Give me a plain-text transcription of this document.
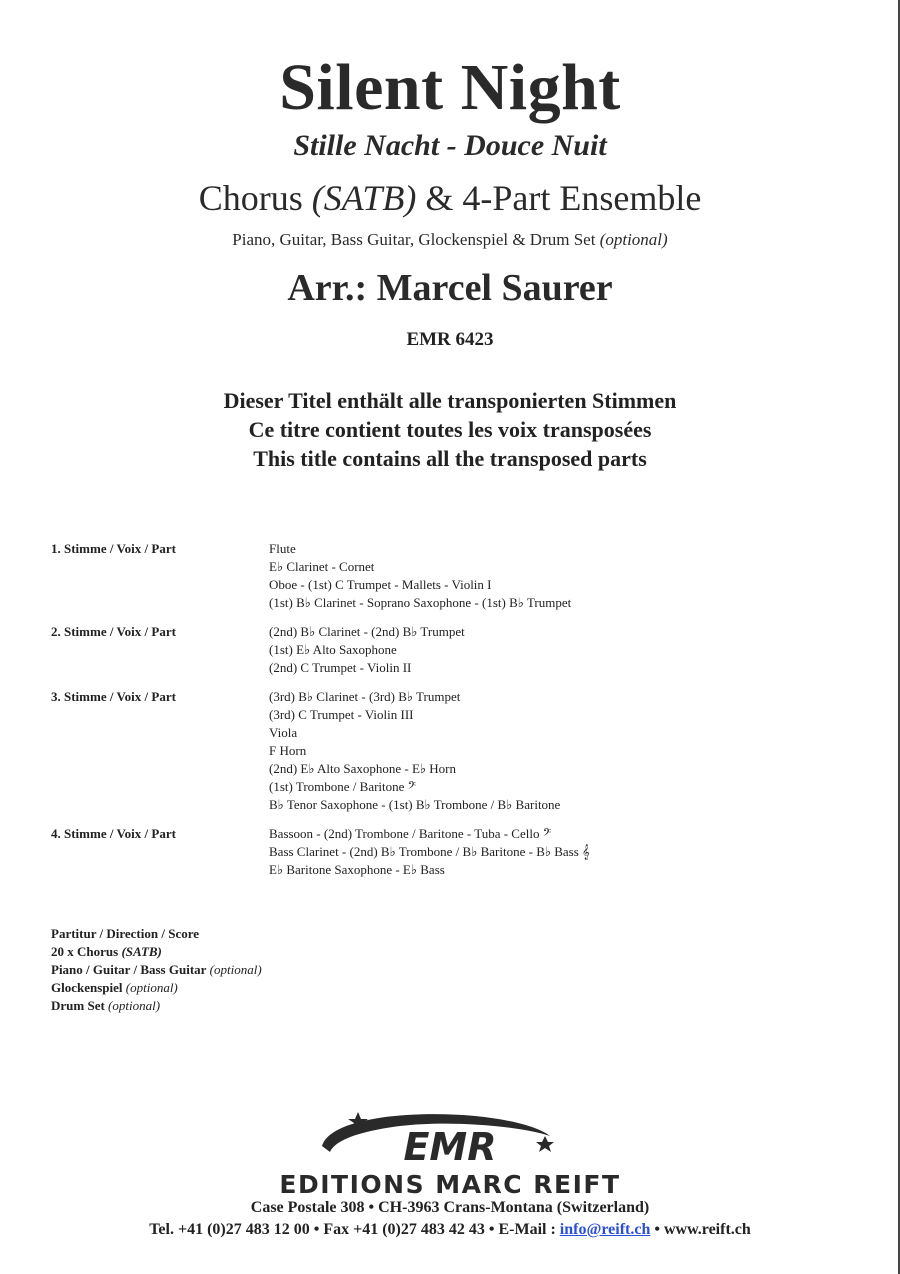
Silent Night
Stille Nacht - Douce Nuit
Chorus (SATB) & 4-Part Ensemble
Piano, Guitar, Bass Guitar, Glockenspiel & Drum Set (optional)
Arr.: Marcel Saurer
EMR 6423
Dieser Titel enthält alle transponierten Stimmen
Ce titre contient toutes les voix transposées
This title contains all the transposed parts
1. Stimme / Voix / Part	Flute
E♭ Clarinet - Cornet
Oboe - (1st) C Trumpet - Mallets - Violin I
(1st) B♭ Clarinet - Soprano Saxophone - (1st) B♭ Trumpet
2. Stimme / Voix / Part	(2nd) B♭ Clarinet - (2nd) B♭ Trumpet
(1st) E♭ Alto Saxophone
(2nd) C Trumpet - Violin II
3. Stimme / Voix / Part	(3rd) B♭ Clarinet - (3rd) B♭ Trumpet
(3rd) C Trumpet - Violin III
Viola
F Horn
(2nd) E♭ Alto Saxophone - E♭ Horn
(1st) Trombone / Baritone 𝄢
B♭ Tenor Saxophone - (1st) B♭ Trombone / B♭ Baritone
4. Stimme / Voix / Part	Bassoon - (2nd) Trombone / Baritone - Tuba - Cello 𝄢
Bass Clarinet - (2nd) B♭ Trombone / B♭ Baritone - B♭ Bass 𝄞
E♭ Baritone Saxophone - E♭ Bass
Partitur / Direction / Score
20 x Chorus (SATB)
Piano / Guitar / Bass Guitar (optional)
Glockenspiel (optional)
Drum Set (optional)
EMR
EDITIONS MARC REIFT
Case Postale 308 • CH-3963 Crans-Montana (Switzerland)
Tel. +41 (0)27 483 12 00 • Fax +41 (0)27 483 42 43 • E-Mail : info@reift.ch • www.reift.ch
